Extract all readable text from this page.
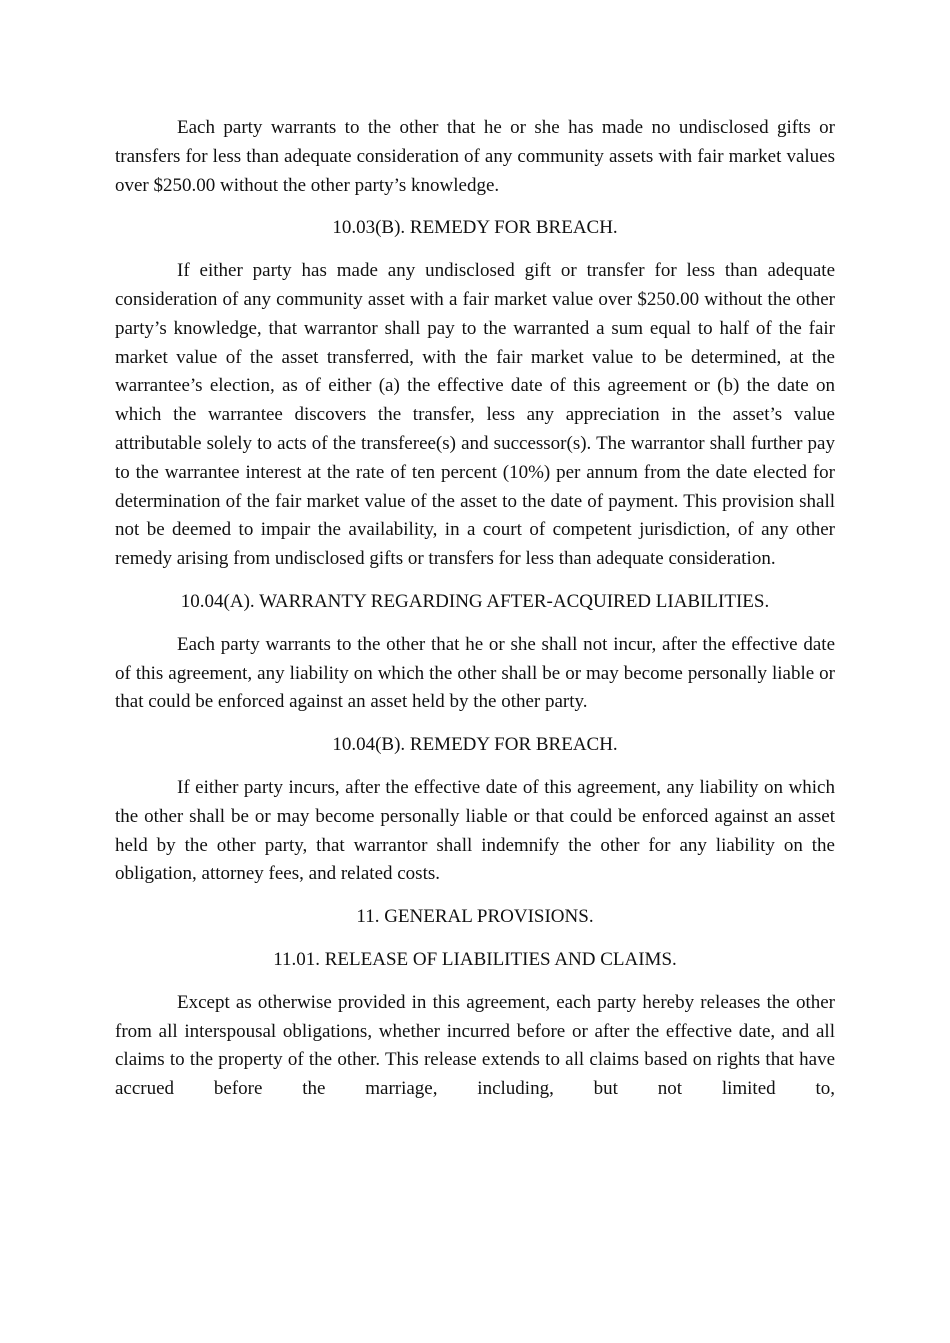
Each party warrants to the other that he or she has made no undisclosed gifts or transfers for less than adequate consideration of any community assets with fair market values over $250.00 without the other party’s knowledge.

10.03(B). REMEDY FOR BREACH.

If either party has made any undisclosed gift or transfer for less than adequate consideration of any community asset with a fair market value over $250.00 without the other party’s knowledge, that warrantor shall pay to the warranted a sum equal to half of the fair market value of the asset transferred, with the fair market value to be determined, at the warrantee’s election, as of either (a) the effective date of this agreement or (b) the date on which the warrantee discovers the transfer, less any appreciation in the asset’s value attributable solely to acts of the transferee(s) and successor(s). The warrantor shall further pay to the warrantee interest at the rate of ten percent (10%) per annum from the date elected for determination of the fair market value of the asset to the date of payment. This provision shall not be deemed to impair the availability, in a court of competent jurisdiction, of any other remedy arising from undisclosed gifts or transfers for less than adequate consideration.

10.04(A). WARRANTY REGARDING AFTER-ACQUIRED LIABILITIES.

Each party warrants to the other that he or she shall not incur, after the effective date of this agreement, any liability on which the other shall be or may become personally liable or that could be enforced against an asset held by the other party.

10.04(B). REMEDY FOR BREACH.

If either party incurs, after the effective date of this agreement, any liability on which the other shall be or may become personally liable or that could be enforced against an asset held by the other party, that warrantor shall indemnify the other for any liability on the obligation, attorney fees, and related costs.

11. GENERAL PROVISIONS.

11.01. RELEASE OF LIABILITIES AND CLAIMS.

Except as otherwise provided in this agreement, each party hereby releases the other from all interspousal obligations, whether incurred before or after the effective date, and all claims to the property of the other. This release extends to all claims based on rights that have accrued before the marriage, including, but not limited to,
